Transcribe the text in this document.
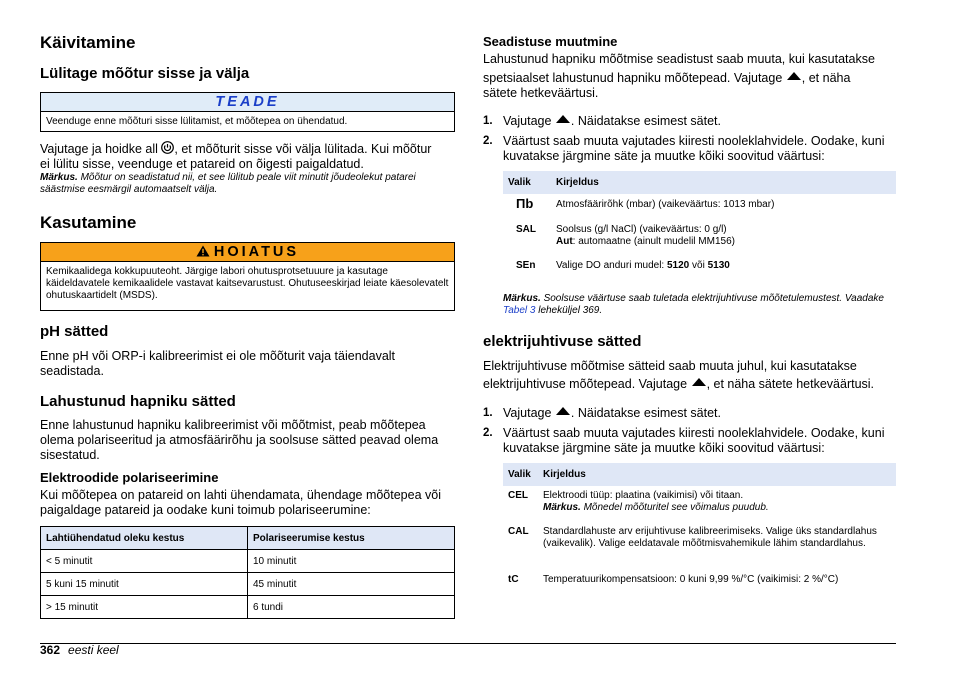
Käivitamine
Lülitage mõõtur sisse ja välja
TEADE
Veenduge enne mõõturi sisse lülitamist, et mõõtepea on ühendatud.
Vajutage ja hoidke all , et mõõturit sisse või välja lülitada. Kui mõõtur
ei lülitu sisse, veenduge et patareid on õigesti paigaldatud.
Märkus. Mõõtur on seadistatud nii, et see lülitub peale viit minutit jõudeolekut patarei säästmise eesmärgil automaatselt välja.
Kasutamine
HOIATUS
Kemikaalidega kokkupuuteoht. Järgige labori ohutusprotsetuuure ja kasutage käideldavatele kemikaalidele vastavat kaitsevarustust. Ohutuseeskirjad leiate käesolevatelt ohutuskaartidelt (MSDS).
pH sätted
Enne pH või ORP-i kalibreerimist ei ole mõõturit vaja täiendavalt seadistada.
Lahustunud hapniku sätted
Enne lahustunud hapniku kalibreerimist või mõõtmist, peab mõõtepea olema polariseeritud ja atmosfäärirõhu ja soolsuse sätted peavad olema sisestatud.
Elektroodide polariseerimine
Kui mõõtepea on patareid on lahti ühendamata, ühendage mõõtepea või paigaldage patareid ja oodake kuni toimub polariseerumine:
Lahtiühendatud oleku kestus	Polariseerumise kestus
< 5 minutit	10 minutit
5 kuni 15 minutit	45 minutit
> 15 minutit	6 tundi
Seadistuse muutmine
Lahustunud hapniku mõõtmise seadistust saab muuta, kui kasutatakse
spetsiaalset lahustunud hapniku mõõtepead. Vajutage , et näha
sätete hetkeväärtusi.
1. Vajutage . Näidatakse esimest sätet.
2. Väärtust saab muuta vajutades kiiresti nooleklahvidele. Oodake, kuni kuvatakse järgmine säte ja muutke kõiki soovitud väärtusi:
Valik	Kirjeldus
Пb Atmosfäärirõhk (mbar) (vaikeväärtus: 1013 mbar)
SAL Soolsus (g/l NaCl) (vaikeväärtus: 0 g/l)
Aut: automaatne (ainult mudelil MM156)
SEn Valige DO anduri mudel: 5120 või 5130
Märkus. Soolsuse väärtuse saab tuletada elektrijuhtivuse mõõtetulemustest. Vaadake Tabel 3 leheküljel 369.
elektrijuhtivuse sätted
Elektrijuhtivuse mõõtmise sätteid saab muuta juhul, kui kasutatakse
elektrijuhtivuse mõõtepead. Vajutage , et näha sätete hetkeväärtusi.
1. Vajutage . Näidatakse esimest sätet.
2. Väärtust saab muuta vajutades kiiresti nooleklahvidele. Oodake, kuni kuvatakse järgmine säte ja muutke kõiki soovitud väärtusi:
Valik Kirjeldus
CEL Elektroodi tüüp: plaatina (vaikimisi) või titaan.
Märkus. Mõnedel mõõturitel see võimalus puudub.
CAL Standardlahuste arv erijuhtivuse kalibreerimiseks. Valige üks standardlahus (vaikevalik). Valige eeldatavale mõõtmisvahemikule lähim standardlahus.
tC Temperatuurikompensatsioon: 0 kuni 9,99 %/°C (vaikimisi: 2 %/°C)
362 eesti keel
